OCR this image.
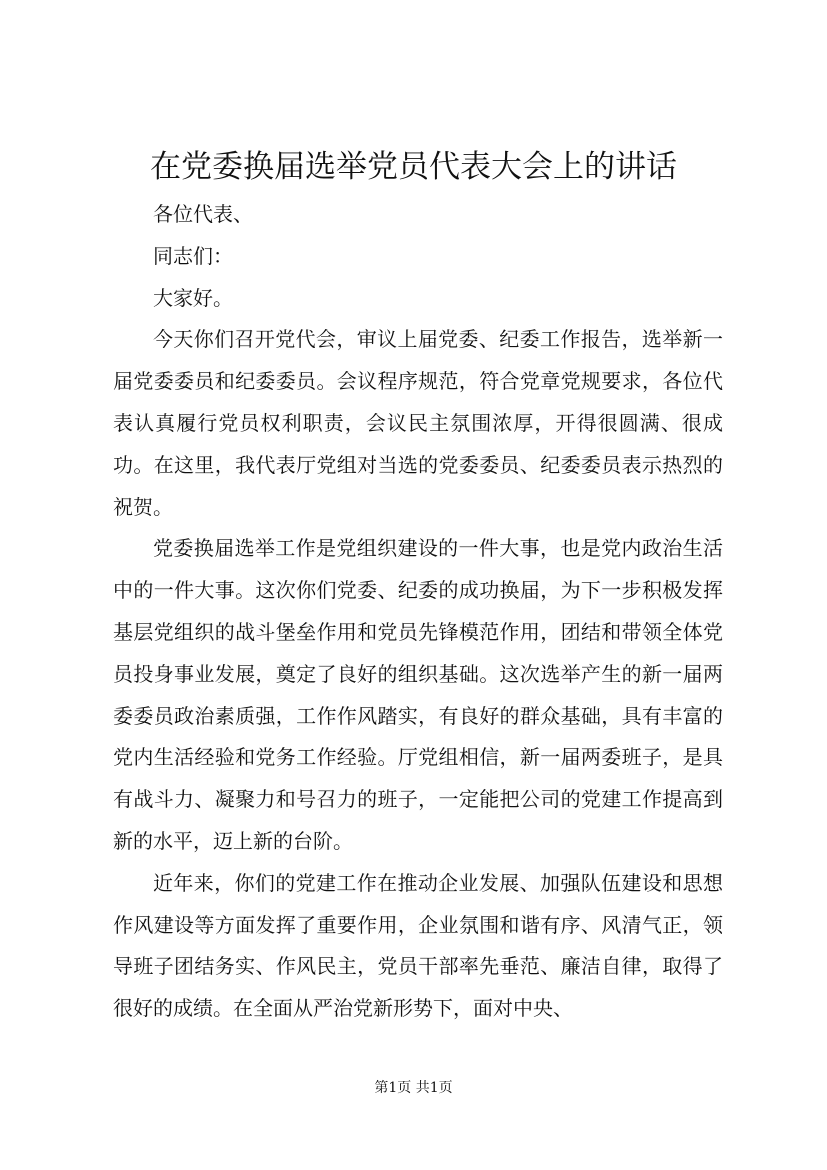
在党委换届选举党员代表大会上的讲话

各位代表、

同志们：

大家好。

今天你们召开党代会，审议上届党委、纪委工作报告，选举新一届党委委员和纪委委员。会议程序规范，符合党章党规要求，各位代表认真履行党员权利职责，会议民主氛围浓厚，开得很圆满、很成功。在这里，我代表厅党组对当选的党委委员、纪委委员表示热烈的祝贺。

党委换届选举工作是党组织建设的一件大事，也是党内政治生活中的一件大事。这次你们党委、纪委的成功换届，为下一步积极发挥基层党组织的战斗堡垒作用和党员先锋模范作用，团结和带领全体党员投身事业发展，奠定了良好的组织基础。这次选举产生的新一届两委委员政治素质强，工作作风踏实，有良好的群众基础，具有丰富的党内生活经验和党务工作经验。厅党组相信，新一届两委班子，是具有战斗力、凝聚力和号召力的班子，一定能把公司的党建工作提高到新的水平，迈上新的台阶。

近年来，你们的党建工作在推动企业发展、加强队伍建设和思想作风建设等方面发挥了重要作用，企业氛围和谐有序、风清气正，领导班子团结务实、作风民主，党员干部率先垂范、廉洁自律，取得了很好的成绩。在全面从严治党新形势下，面对中央、

第1页 共1页
